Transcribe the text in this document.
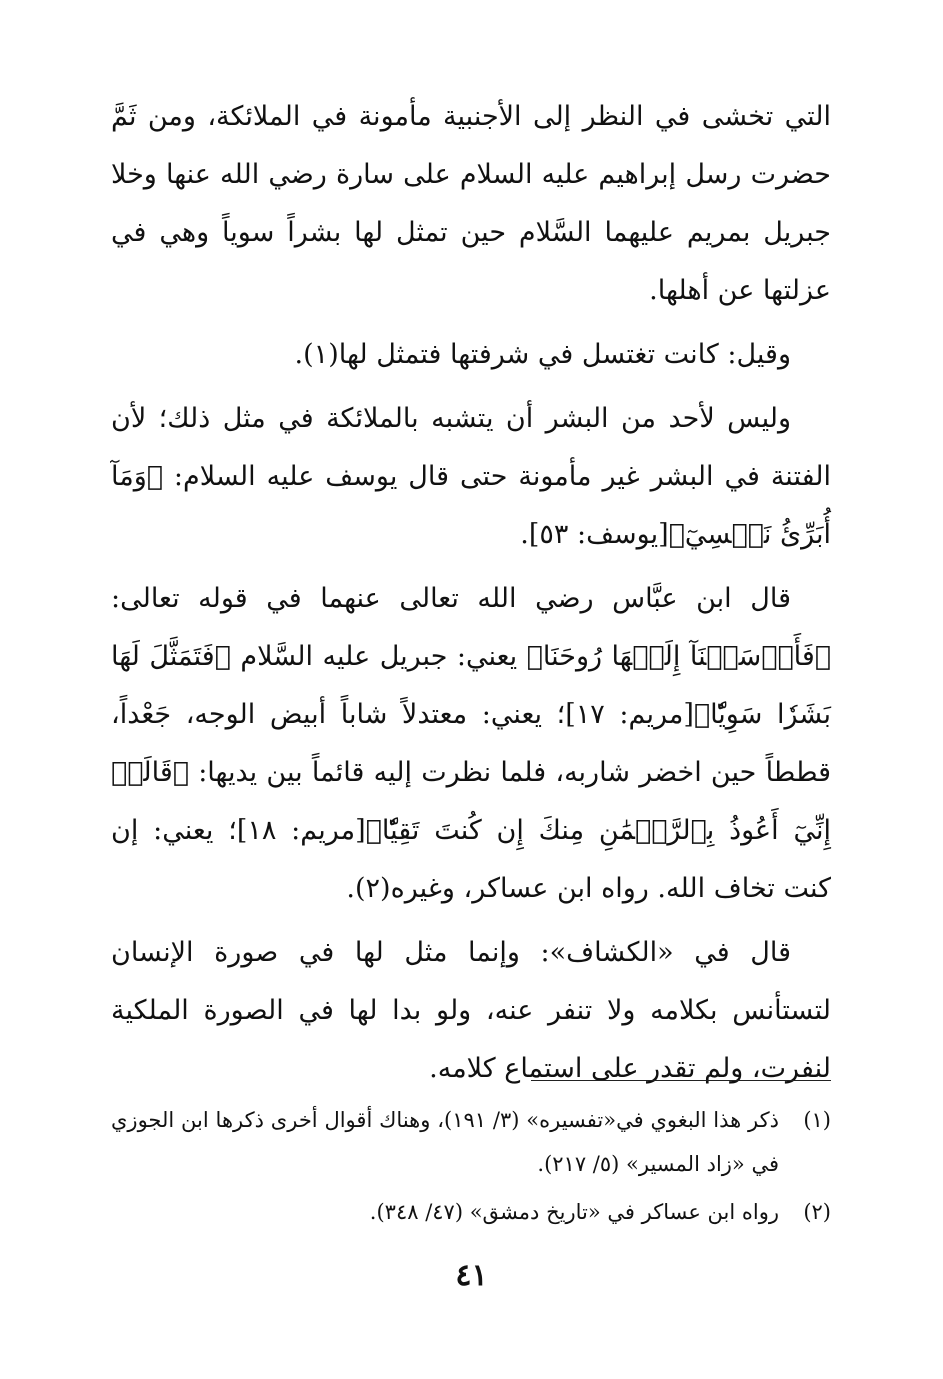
التي تخشى في النظر إلى الأجنبية مأمونة في الملائكة، ومن ثَمَّ حضرت رسل إبراهيم عليه السلام على سارة رضي الله عنها وخلا جبريل بمريم عليهما السَّلام حين تمثل لها بشراً سوياً وهي في عزلتها عن أهلها.

وقيل: كانت تغتسل في شرفتها فتمثل لها(١).

وليس لأحد من البشر أن يتشبه بالملائكة في مثل ذلك؛ لأن الفتنة في البشر غير مأمونة حتى قال يوسف عليه السلام: ﴿وَمَآ أُبَرِّئُ نَفۡسِيٓ﴾[يوسف: ٥٣].

قال ابن عبَّاس رضي الله تعالى عنهما في قوله تعالى: ﴿فَأَرۡسَلۡنَآ إِلَيۡهَا رُوحَنَا﴾ يعني: جبريل عليه السَّلام ﴿فَتَمَثَّلَ لَهَا بَشَرٗا سَوِيّٗا﴾[مريم: ١٧]؛ يعني: معتدلاً شاباً أبيض الوجه، جَعْداً، قططاً حين اخضر شاربه، فلما نظرت إليه قائماً بين يديها: ﴿قَالَتۡ إِنِّيٓ أَعُوذُ بِٱلرَّحۡمَٰنِ مِنكَ إِن كُنتَ تَقِيّٗا﴾[مريم: ١٨]؛ يعني: إن كنت تخاف الله. رواه ابن عساكر، وغيره(٢).

قال في «الكشاف»: وإنما مثل لها في صورة الإنسان لتستأنس بكلامه ولا تنفر عنه، ولو بدا لها في الصورة الملكية لنفرت، ولم تقدر على استماع كلامه.

(١)
ذكر هذا البغوي في«تفسيره» (٣/ ١٩١)، وهناك أقوال أخرى ذكرها ابن الجوزي في «زاد المسير» (٥/ ٢١٧).
(٢)
رواه ابن عساكر في «تاريخ دمشق» (٤٧/ ٣٤٨).
٤١
